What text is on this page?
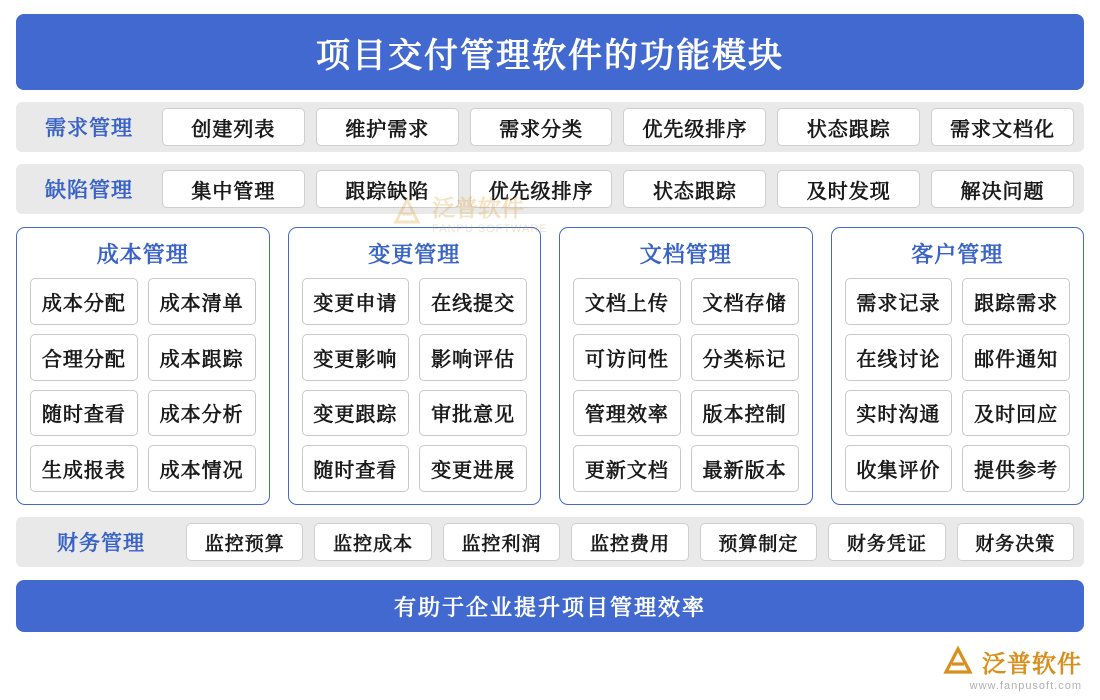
项目交付管理软件的功能模块
需求管理	创建列表	维护需求	需求分类	优先级排序	状态跟踪	需求文档化
缺陷管理	集中管理	跟踪缺陷	优先级排序	状态跟踪	及时发现	解决问题
成本管理
成本分配	成本清单
合理分配	成本跟踪
随时查看	成本分析
生成报表	成本情况
变更管理
变更申请	在线提交
变更影响	影响评估
变更跟踪	审批意见
随时查看	变更进展
文档管理
文档上传	文档存储
可访问性	分类标记
管理效率	版本控制
更新文档	最新版本
客户管理
需求记录	跟踪需求
在线讨论	邮件通知
实时沟通	及时回应
收集评价	提供参考
财务管理	监控预算	监控成本	监控利润	监控费用	预算制定	财务凭证	财务决策
有助于企业提升项目管理效率
泛普软件
FANPU SOFTWARE
泛普软件
www.fanpusoft.com
